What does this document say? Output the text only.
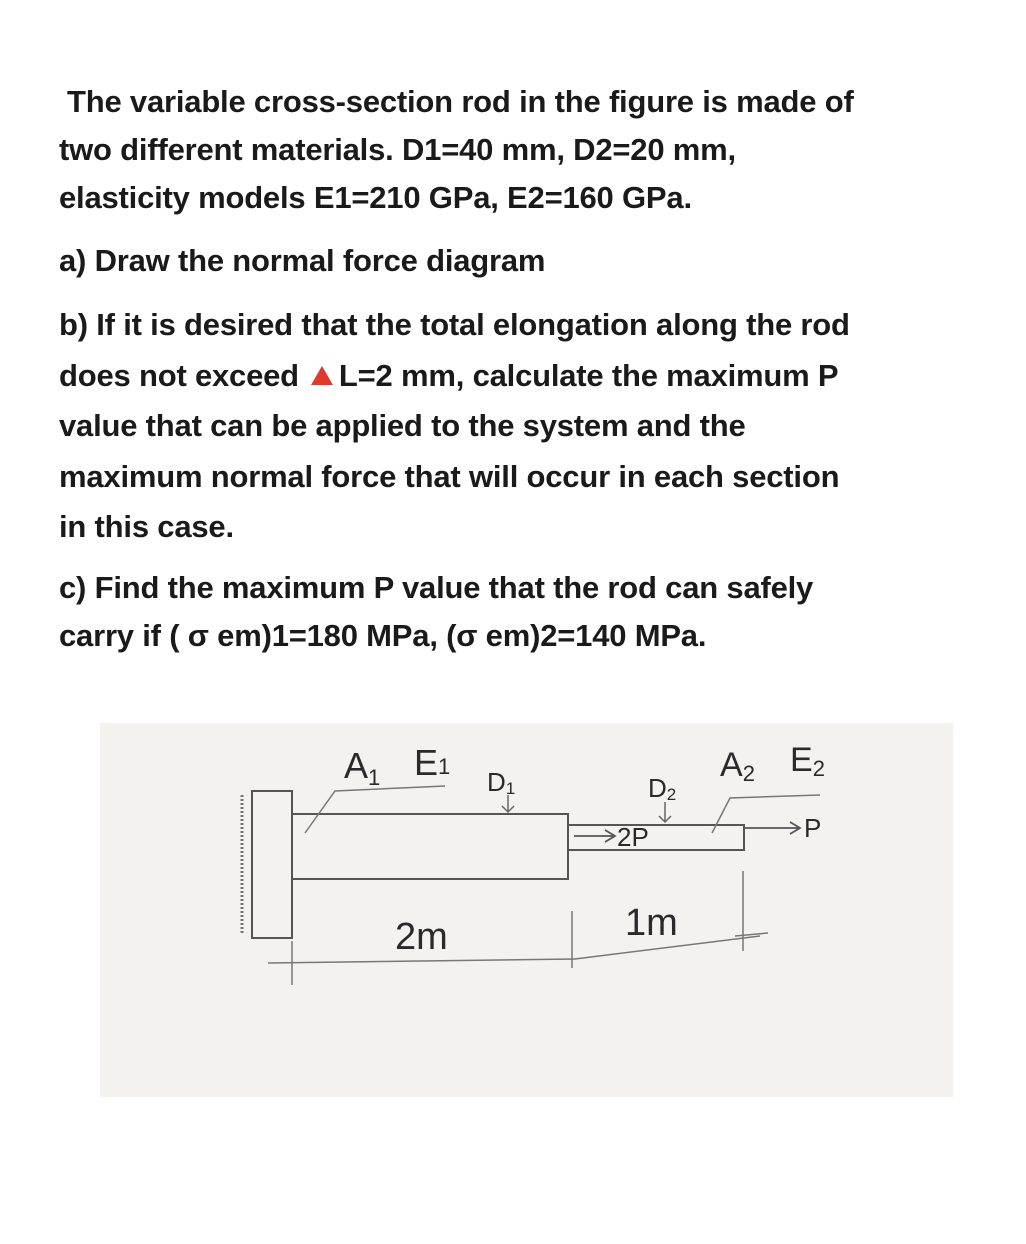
The variable cross-section rod in the figure is made of

two different materials. D1=40 mm, D2=20 mm,

elasticity models E1=210 GPa, E2=160 GPa.

a) Draw the normal force diagram

b) If it is desired that the total elongation along the rod

does not exceed L=2 mm, calculate the maximum P

value that can be applied to the system and the

maximum normal force that will occur in each section

in this case.

c) Find the maximum P value that the rod can safely

carry if ( σ em)1=180 MPa, (σ em)2=140 MPa.

A1 E1
D1	D2
A2 E2
2P	P
2m	1m
